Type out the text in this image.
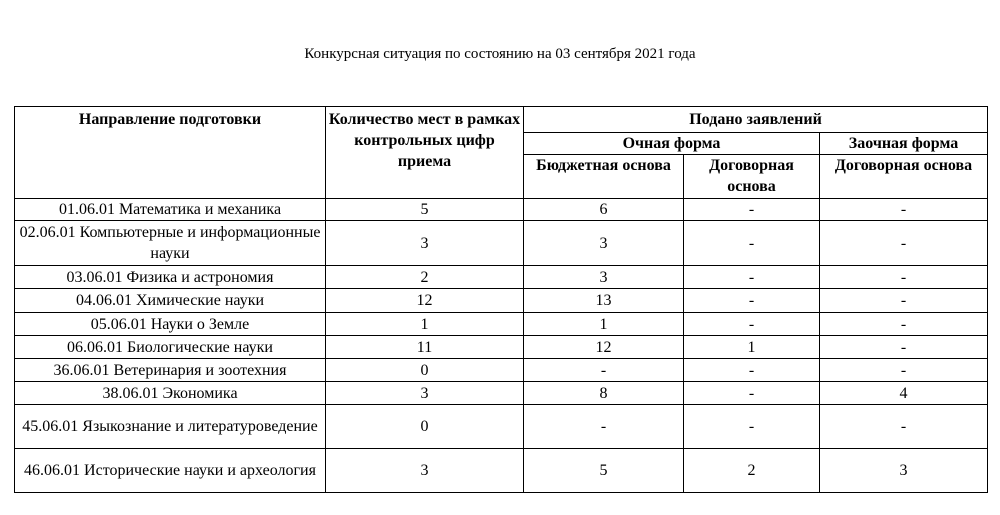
Конкурсная ситуация по состоянию на 03 сентября 2021 года
Направление подготовки	Количество мест в рамках контрольных цифр приема	Подано заявлений		
		Очная форма		Заочная форма
		Бюджетная основа	Договорная основа	Договорная основа
01.06.01 Математика и механика	5	6	-	-
02.06.01 Компьютерные и информационные науки	3	3	-	-
03.06.01 Физика и астрономия	2	3	-	-
04.06.01 Химические науки	12	13	-	-
05.06.01 Науки о Земле	1	1	-	-
06.06.01 Биологические науки	11	12	1	-
36.06.01 Ветеринария и зоотехния	0	-	-	-
38.06.01 Экономика	3	8	-	4
45.06.01 Языкознание и литературоведение	0	-	-	-
46.06.01 Исторические науки и археология	3	5	2	3
